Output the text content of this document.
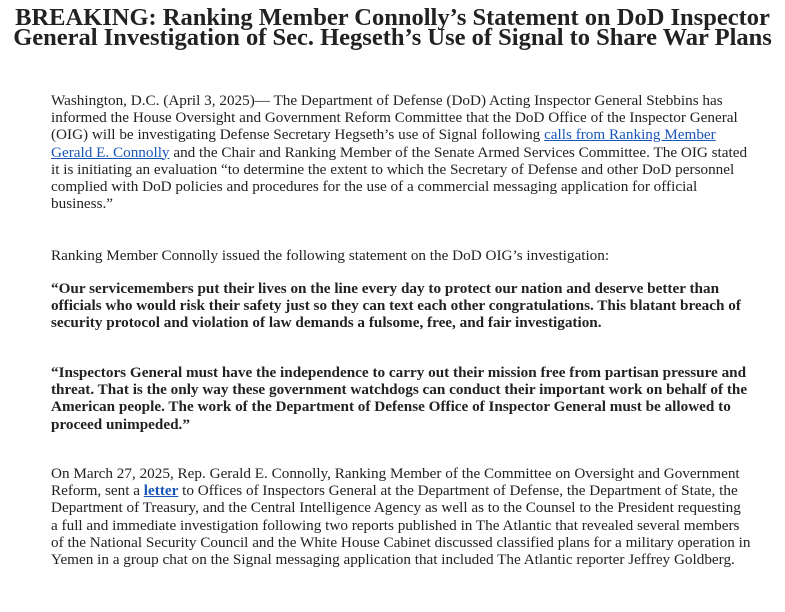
BREAKING: Ranking Member Connolly’s Statement on DoD Inspector General Investigation of Sec. Hegseth’s Use of Signal to Share War Plans

Washington, D.C. (April 3, 2025)— The Department of Defense (DoD) Acting Inspector General Stebbins has informed the House Oversight and Government Reform Committee that the DoD Office of the Inspector General (OIG) will be investigating Defense Secretary Hegseth’s use of Signal following calls from Ranking Member Gerald E. Connolly and the Chair and Ranking Member of the Senate Armed Services Committee. The OIG stated it is initiating an evaluation “to determine the extent to which the Secretary of Defense and other DoD personnel complied with DoD policies and procedures for the use of a commercial messaging application for official business.”

Ranking Member Connolly issued the following statement on the DoD OIG’s investigation:

“Our servicemembers put their lives on the line every day to protect our nation and deserve better than officials who would risk their safety just so they can text each other congratulations. This blatant breach of security protocol and violation of law demands a fulsome, free, and fair investigation.

“Inspectors General must have the independence to carry out their mission free from partisan pressure and threat. That is the only way these government watchdogs can conduct their important work on behalf of the American people. The work of the Department of Defense Office of Inspector General must be allowed to proceed unimpeded.”

On March 27, 2025, Rep. Gerald E. Connolly, Ranking Member of the Committee on Oversight and Government Reform, sent a letter to Offices of Inspectors General at the Department of Defense, the Department of State, the Department of Treasury, and the Central Intelligence Agency as well as to the Counsel to the President requesting a full and immediate investigation following two reports published in The Atlantic that revealed several members of the National Security Council and the White House Cabinet discussed classified plans for a military operation in Yemen in a group chat on the Signal messaging application that included The Atlantic reporter Jeffrey Goldberg.
